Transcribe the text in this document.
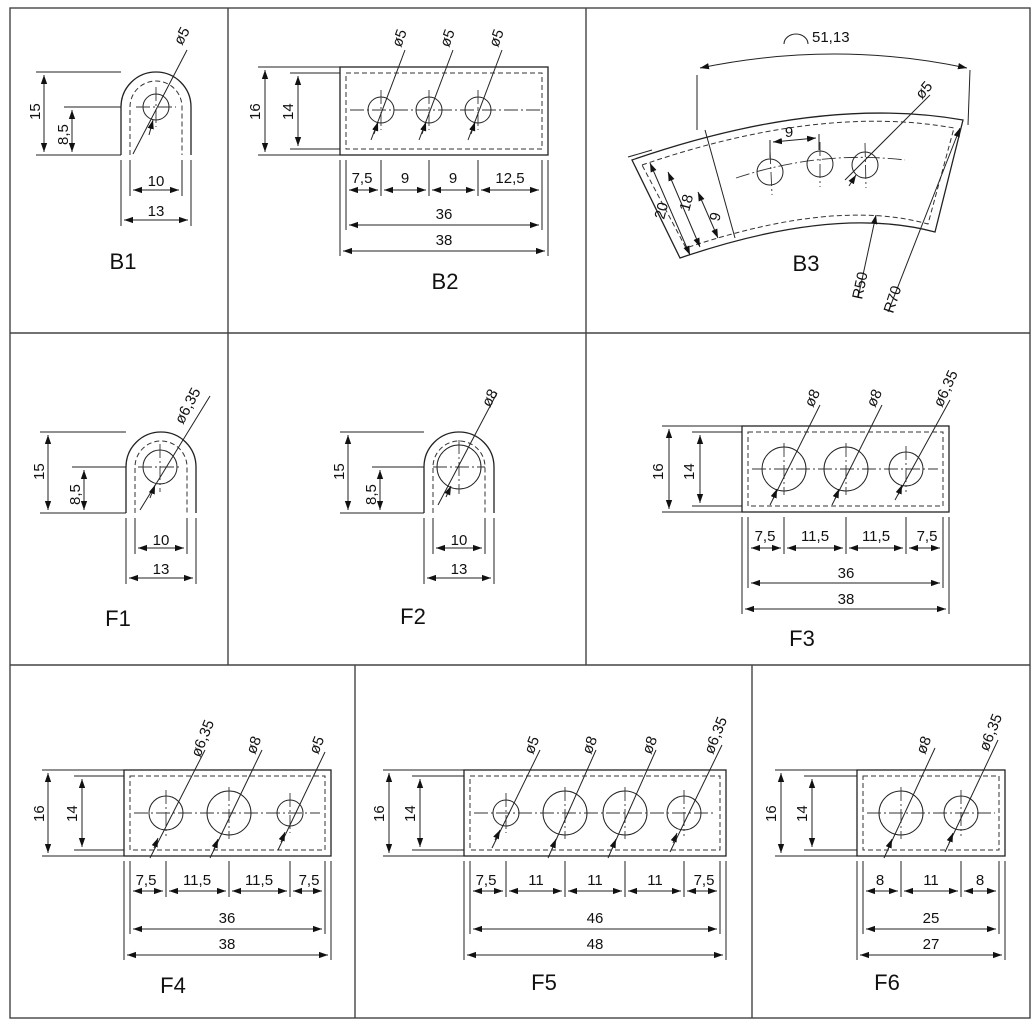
ø5
15
8,5
10
13
B1
ø5 ø5 ø5
16 14
7,5 9	9	12,5
36
38
B2
ø5
51,13
9
20 18
9
R50 R70
B3
ø6,35
15
8,5
10
13
F1
ø8
15
8,5
10
13
F2
ø8	ø8	ø6,35
16 14
7,5 11,5 11,5 7,5
36
38
F3
ø6,35 ø8	ø5
16 14
7,5 11,5 11,5 7,5
36
38
F4
ø5 ø8	ø8	ø6,35
16 14
7,5 11	11	11 7,5
46
48
F5
ø8	ø6,35
16 14
8	11 8
25
27
F6
